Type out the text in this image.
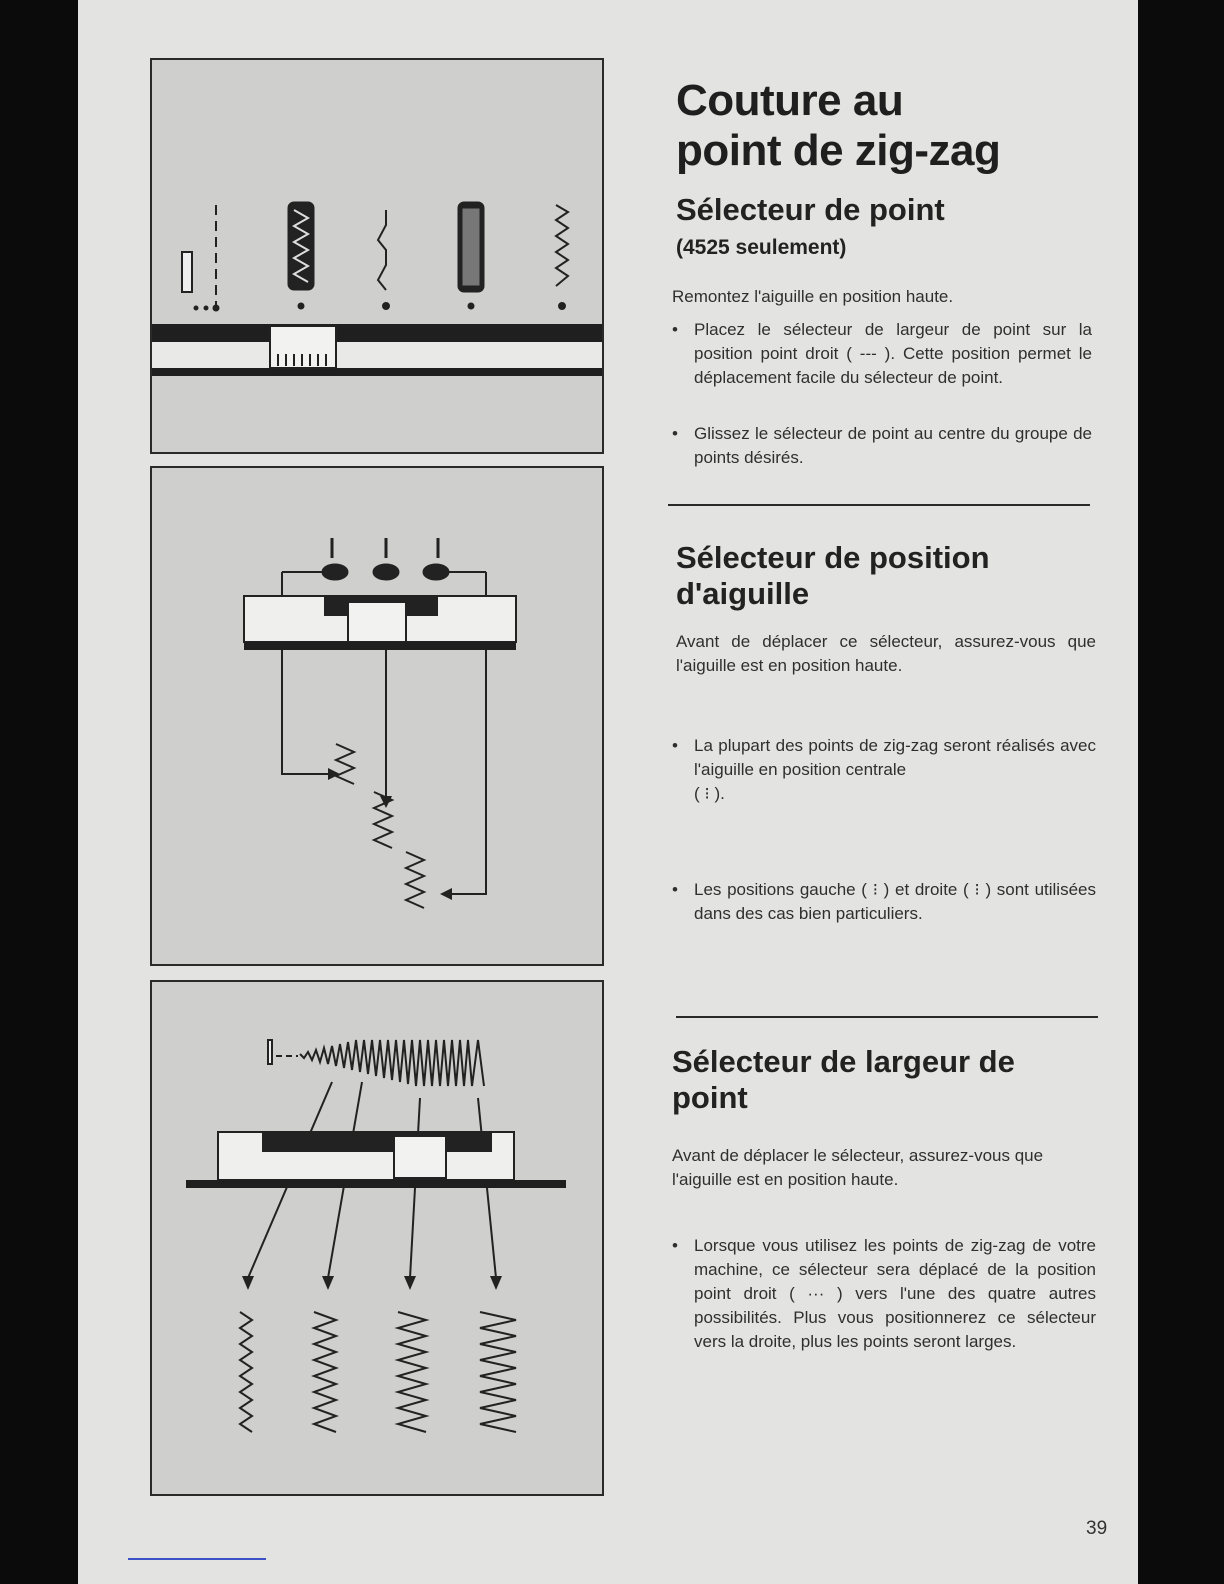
Couture au
point de zig-zag
Sélecteur de point
(4525 seulement)

Remontez l'aiguille en position haute.

• Placez le sélecteur de largeur de point sur la position point droit ( --- ). Cette position permet le déplacement facile du sélecteur de point.
• Glissez le sélecteur de point au centre du groupe de points désirés.
Sélecteur de position d'aiguille

Avant de déplacer ce sélecteur, assurez-vous que l'aiguille est en position haute.

• La plupart des points de zig-zag seront réalisés avec l'aiguille en position centrale
( ⁝ ).
• Les positions gauche ( ⁝ ) et droite ( ⁝ ) sont utilisées dans des cas bien particuliers.
Sélecteur de largeur de point

Avant de déplacer le sélecteur, assurez-vous que l'aiguille est en position haute.

• Lorsque vous utilisez les points de zig-zag de votre machine, ce sélecteur sera déplacé de la position point droit ( ··· ) vers l'une des quatre autres possibilités. Plus vous positionnerez ce sélecteur vers la droite, plus les points seront larges.
39
